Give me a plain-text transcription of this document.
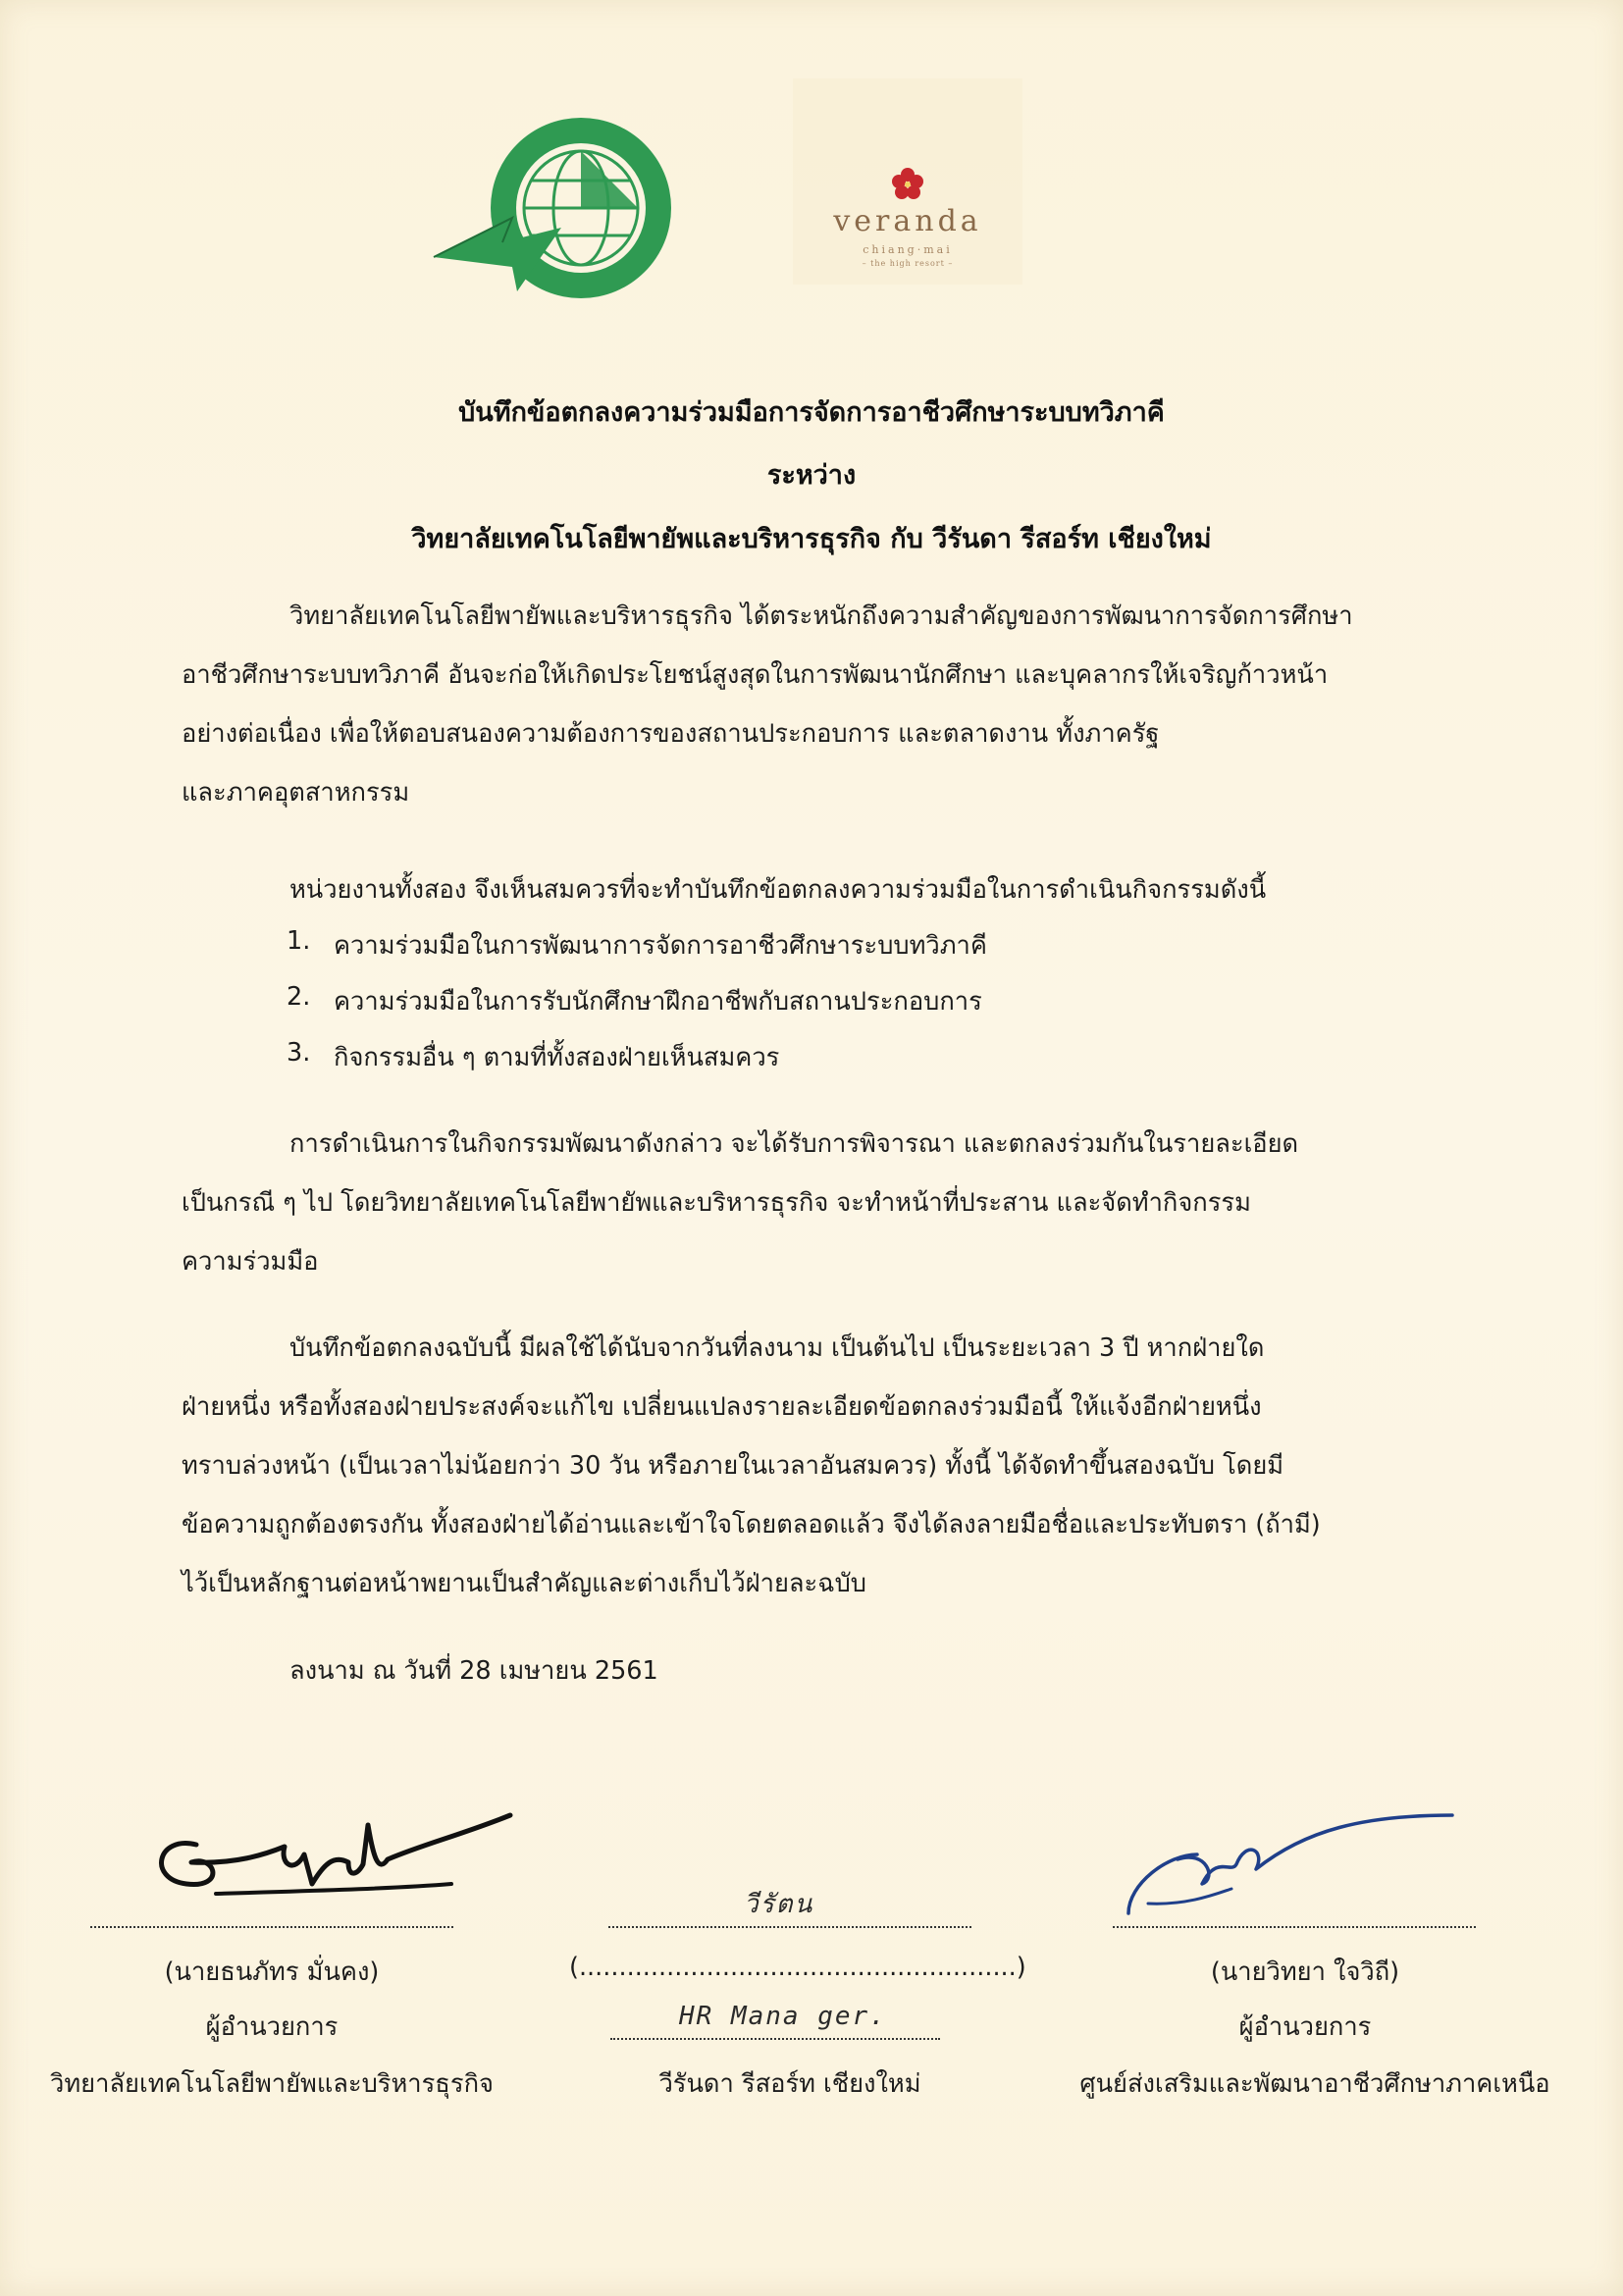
veranda
chiang·mai
– the high resort –
บันทึกข้อตกลงความร่วมมือการจัดการอาชีวศึกษาระบบทวิภาคี
ระหว่าง
วิทยาลัยเทคโนโลยีพายัพและบริหารธุรกิจ กับ วีรันดา รีสอร์ท เชียงใหม่
วิทยาลัยเทคโนโลยีพายัพและบริหารธุรกิจ ได้ตระหนักถึงความสำคัญของการพัฒนาการจัดการศึกษา
อาชีวศึกษาระบบทวิภาคี อันจะก่อให้เกิดประโยชน์สูงสุดในการพัฒนานักศึกษา และบุคลากรให้เจริญก้าวหน้า
อย่างต่อเนื่อง เพื่อให้ตอบสนองความต้องการของสถานประกอบการ และตลาดงาน ทั้งภาครัฐ
และภาคอุตสาหกรรม
หน่วยงานทั้งสอง จึงเห็นสมควรที่จะทำบันทึกข้อตกลงความร่วมมือในการดำเนินกิจกรรมดังนี้
1. ความร่วมมือในการพัฒนาการจัดการอาชีวศึกษาระบบทวิภาคี
2. ความร่วมมือในการรับนักศึกษาฝึกอาชีพกับสถานประกอบการ
3. กิจกรรมอื่น ๆ ตามที่ทั้งสองฝ่ายเห็นสมควร
การดำเนินการในกิจกรรมพัฒนาดังกล่าว จะได้รับการพิจารณา และตกลงร่วมกันในรายละเอียด
เป็นกรณี ๆ ไป โดยวิทยาลัยเทคโนโลยีพายัพและบริหารธุรกิจ จะทำหน้าที่ประสาน และจัดทำกิจกรรม
ความร่วมมือ
บันทึกข้อตกลงฉบับนี้ มีผลใช้ได้นับจากวันที่ลงนาม เป็นต้นไป เป็นระยะเวลา 3 ปี หากฝ่ายใด
ฝ่ายหนึ่ง หรือทั้งสองฝ่ายประสงค์จะแก้ไข เปลี่ยนแปลงรายละเอียดข้อตกลงร่วมมือนี้ ให้แจ้งอีกฝ่ายหนึ่ง
ทราบล่วงหน้า (เป็นเวลาไม่น้อยกว่า 30 วัน หรือภายในเวลาอันสมควร) ทั้งนี้ ได้จัดทำขึ้นสองฉบับ โดยมี
ข้อความถูกต้องตรงกัน ทั้งสองฝ่ายได้อ่านและเข้าใจโดยตลอดแล้ว จึงได้ลงลายมือชื่อและประทับตรา (ถ้ามี)
ไว้เป็นหลักฐานต่อหน้าพยานเป็นสำคัญและต่างเก็บไว้ฝ่ายละฉบับ
ลงนาม ณ วันที่ 28 เมษายน 2561
(นายธนภัทร มั่นคง)
ผู้อำนวยการ
วิทยาลัยเทคโนโลยีพายัพและบริหารธุรกิจ
วีรัตน
(.......................................................)
HR Mana ger.
วีรันดา รีสอร์ท เชียงใหม่
(นายวิทยา ใจวิถี)
ผู้อำนวยการ
ศูนย์ส่งเสริมและพัฒนาอาชีวศึกษาภาคเหนือ
